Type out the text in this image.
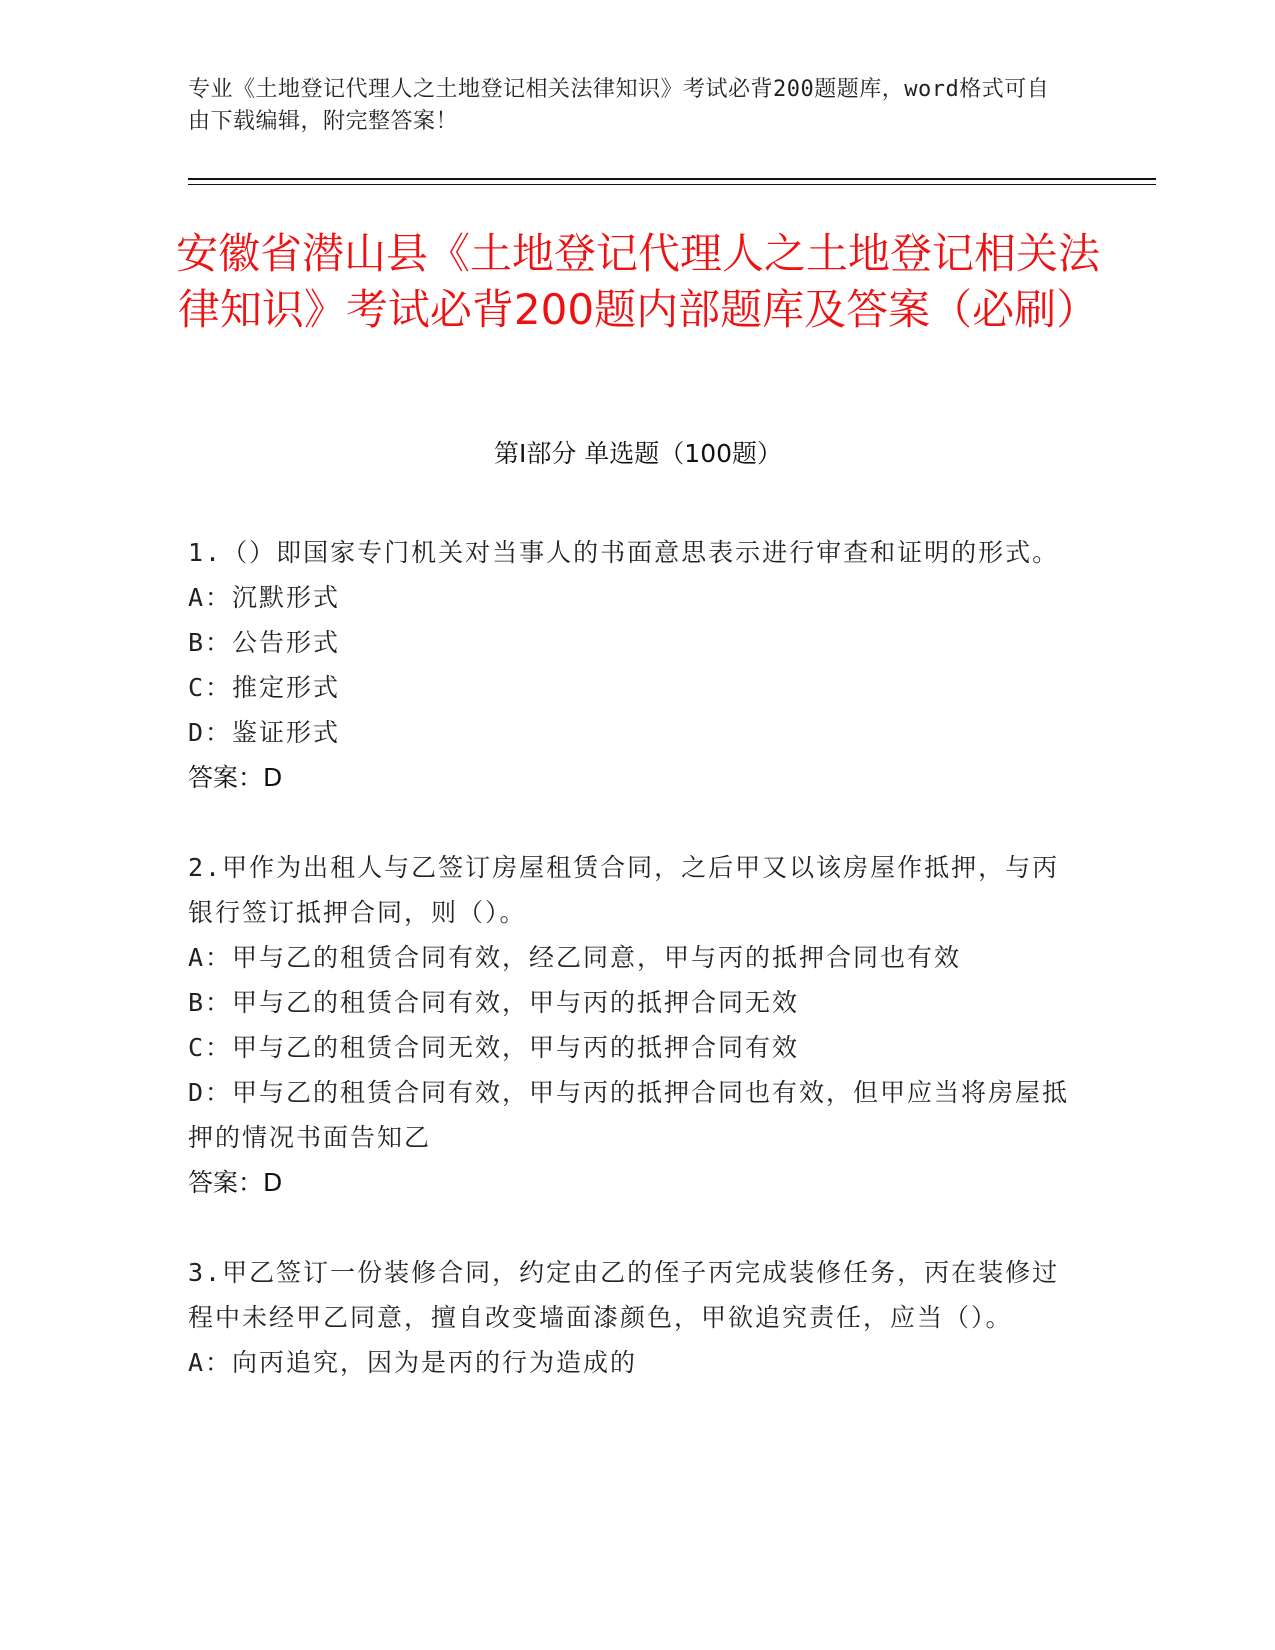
专业《土地登记代理人之土地登记相关法律知识》考试必背200题题库，word格式可自由下载编辑，附完整答案！
安徽省潜山县《土地登记代理人之土地登记相关法律知识》考试必背200题内部题库及答案（必刷）
第Ⅰ部分 单选题（100题）
1.（）即国家专门机关对当事人的书面意思表示进行审查和证明的形式。
A：沉默形式
B：公告形式
C：推定形式
D：鉴证形式
答案：D
2.甲作为出租人与乙签订房屋租赁合同，之后甲又以该房屋作抵押，与丙银行签订抵押合同，则（）。
A：甲与乙的租赁合同有效，经乙同意，甲与丙的抵押合同也有效
B：甲与乙的租赁合同有效，甲与丙的抵押合同无效
C：甲与乙的租赁合同无效，甲与丙的抵押合同有效
D：甲与乙的租赁合同有效，甲与丙的抵押合同也有效，但甲应当将房屋抵押的情况书面告知乙
答案：D
3.甲乙签订一份装修合同，约定由乙的侄子丙完成装修任务，丙在装修过程中未经甲乙同意，擅自改变墙面漆颜色，甲欲追究责任，应当（）。
A：向丙追究，因为是丙的行为造成的
